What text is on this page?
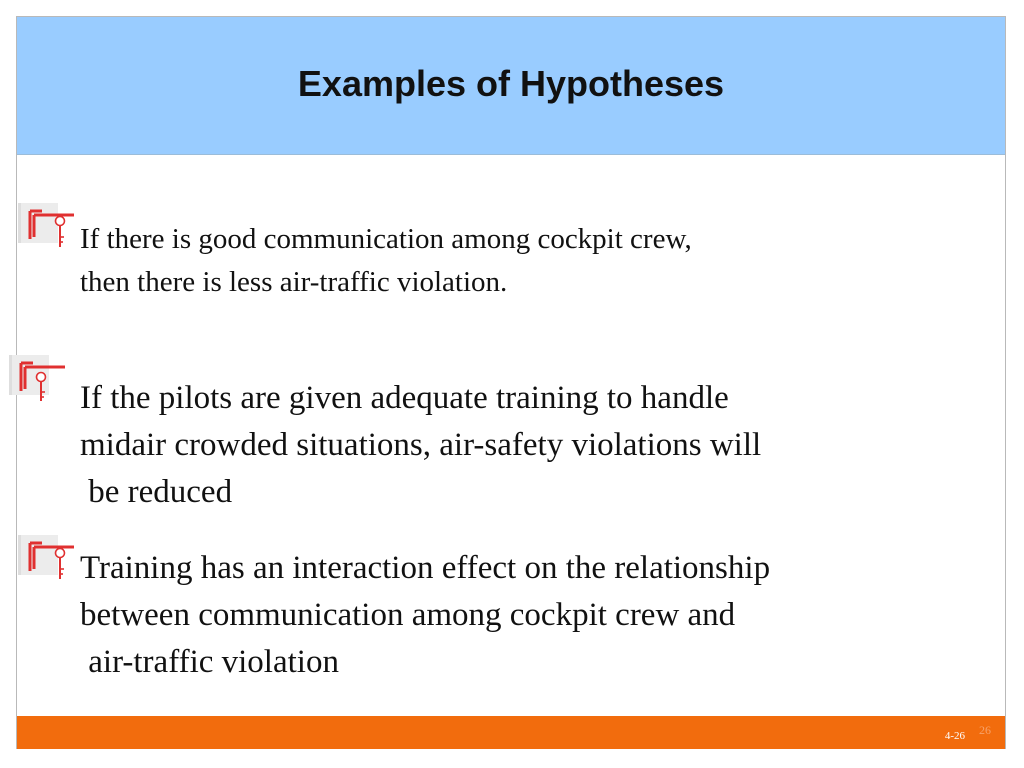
Examples of Hypotheses
If there is good communication among cockpit crew,
then there is less air-traffic violation.
If the pilots are given adequate training to handle
midair crowded situations, air-safety violations will
be reduced
Training has an interaction effect on the relationship
between communication among cockpit crew and
air-traffic violation
26
4-26
